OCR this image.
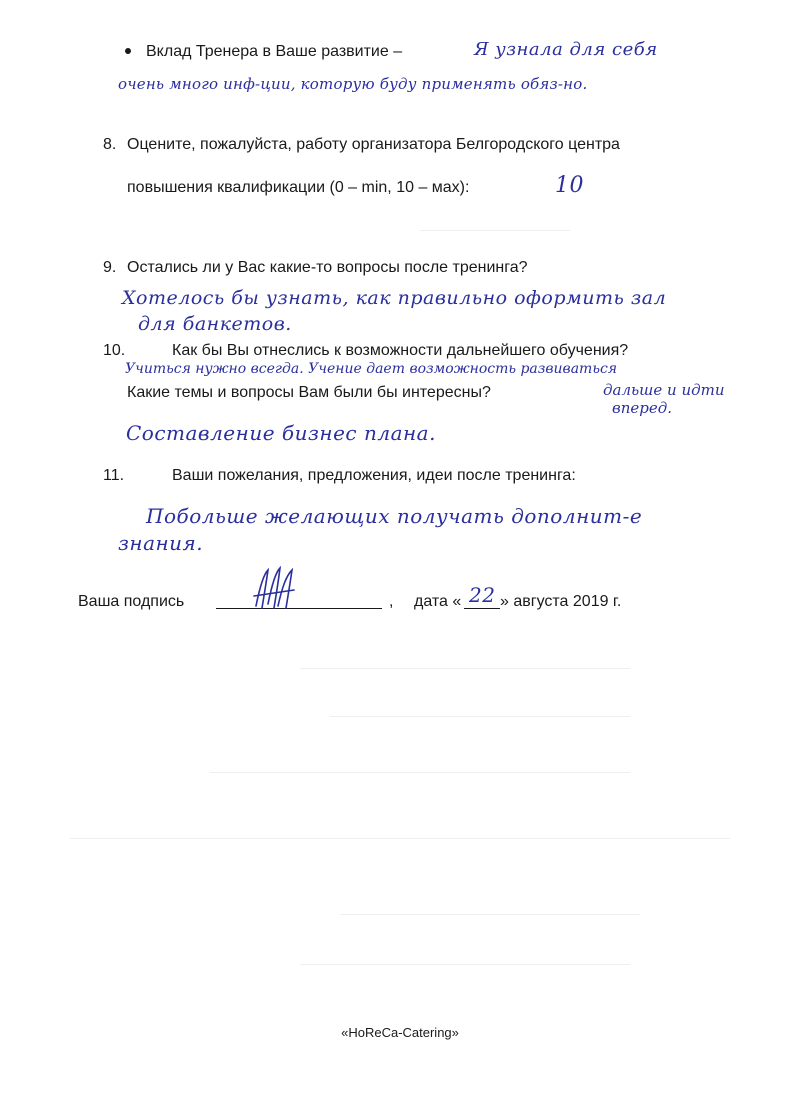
Вклад Тренера в Ваше развитие –	Я узнала для себя
очень много инф-ции, которую буду применять обяз-но.
8. Оцените, пожалуйста, работу организатора Белгородского центра
повышения квалификации (0 – min, 10 – мах):	10
9. Остались ли у Вас какие-то вопросы после тренинга?
Хотелось бы узнать, как правильно оформить зал
для банкетов.
10.	Как бы Вы отнеслись к возможности дальнейшего обучения?
Учиться нужно всегда. Учение дает возможность развиваться
Какие темы и вопросы Вам были бы интересны?	дальше и идти
вперед.
Составление бизнес плана.
11.	Ваши пожелания, предложения, идеи после тренинга:
Побольше желающих получать дополнит-е
знания.
Ваша подпись	, дата « 22 » августа 2019 г.
«HoReCa-Catering»
